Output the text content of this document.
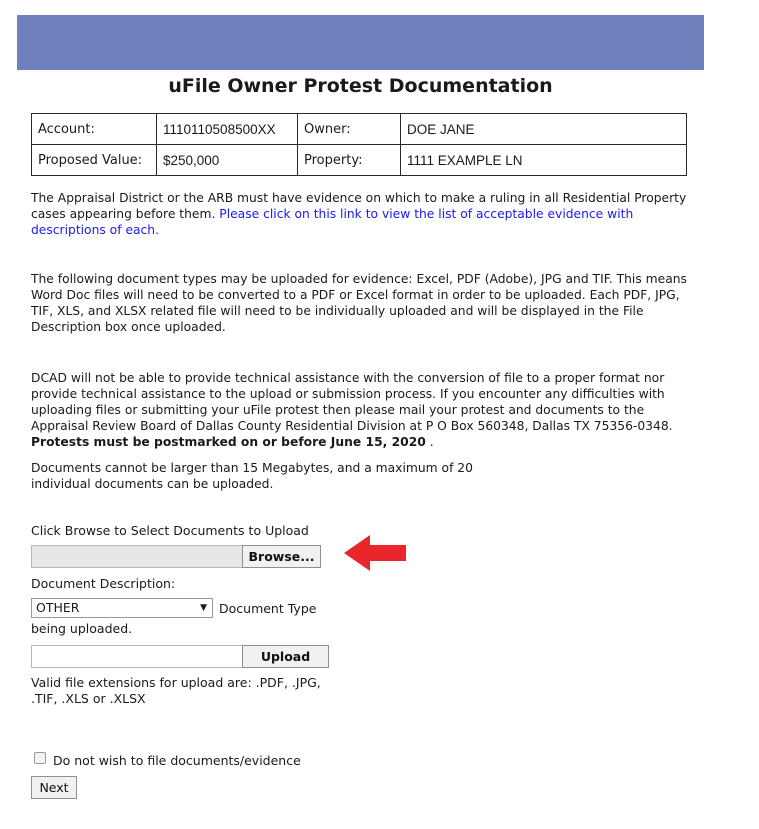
uFile Owner Protest Documentation
Account:	1110110508500XX	Owner:	DOE JANE
Proposed Value:	$250,000	Property:	1111 EXAMPLE LN

The Appraisal District or the ARB must have evidence on which to make a ruling in all Residential Property cases appearing before them. Please click on this link to view the list of acceptable evidence with descriptions of each.

The following document types may be uploaded for evidence: Excel, PDF (Adobe), JPG and TIF. This means Word Doc files will need to be converted to a PDF or Excel format in order to be uploaded. Each PDF, JPG, TIF, XLS, and XLSX related file will need to be individually uploaded and will be displayed in the File Description box once uploaded.

DCAD will not be able to provide technical assistance with the conversion of file to a proper format nor provide technical assistance to the upload or submission process. If you encounter any difficulties with uploading files or submitting your uFile protest then please mail your protest and documents to the Appraisal Review Board of Dallas County Residential Division at P O Box 560348, Dallas TX 75356-0348. Protests must be postmarked on or before June 15, 2020 .

Documents cannot be larger than 15 Megabytes, and a maximum of 20 individual documents can be uploaded.

Click Browse to Select Documents to Upload

Browse...

Document Description:

OTHER	▼ Document Type

being uploaded.

Upload

Valid file extensions for upload are: .PDF, .JPG,

.TIF, .XLS or .XLSX

Do not wish to file documents/evidence

Next
